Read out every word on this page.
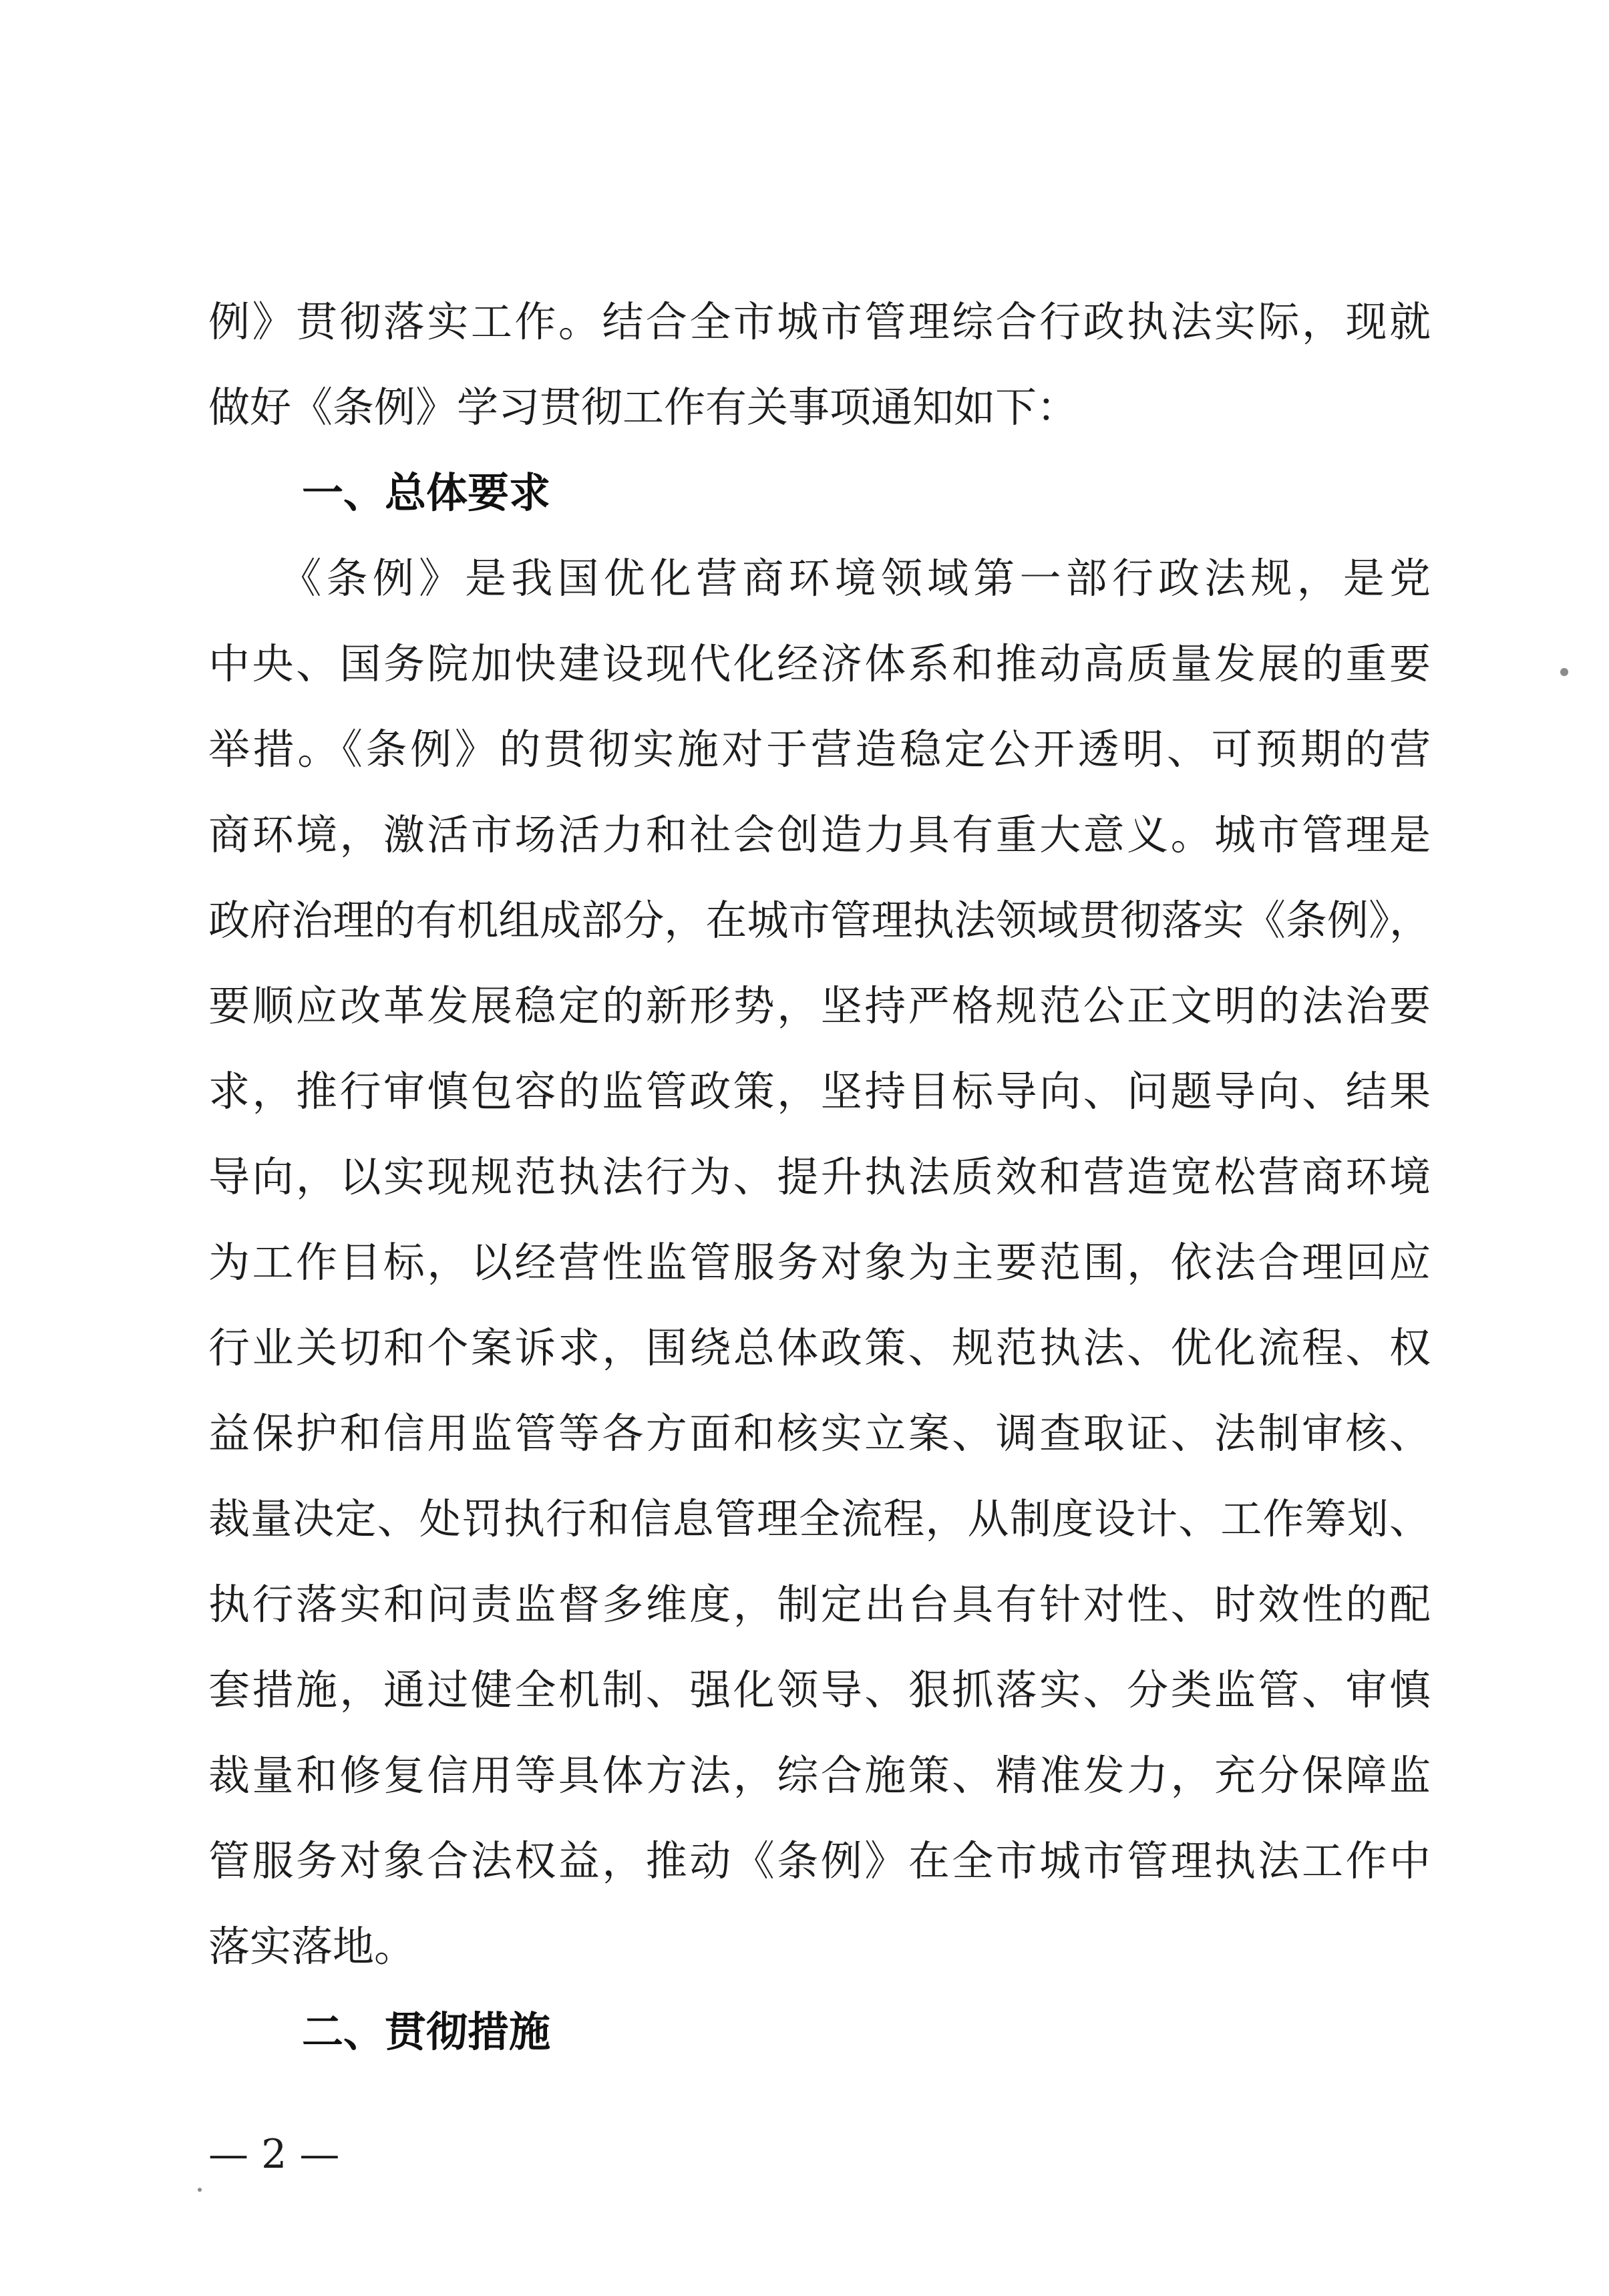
例》贯彻落实工作。结合全市城市管理综合行政执法实际，现就
做好《条例》学习贯彻工作有关事项通知如下：
一、总体要求
　　《条例》是我国优化营商环境领域第一部行政法规，是党
中央、国务院加快建设现代化经济体系和推动高质量发展的重要
举措。《条例》的贯彻实施对于营造稳定公开透明、可预期的营
商环境，激活市场活力和社会创造力具有重大意义。城市管理是
政府治理的有机组成部分，在城市管理执法领域贯彻落实《条例》，
要顺应改革发展稳定的新形势，坚持严格规范公正文明的法治要
求，推行审慎包容的监管政策，坚持目标导向、问题导向、结果
导向，以实现规范执法行为、提升执法质效和营造宽松营商环境
为工作目标，以经营性监管服务对象为主要范围，依法合理回应
行业关切和个案诉求，围绕总体政策、规范执法、优化流程、权
益保护和信用监管等各方面和核实立案、调查取证、法制审核、
裁量决定、处罚执行和信息管理全流程，从制度设计、工作筹划、
执行落实和问责监督多维度，制定出台具有针对性、时效性的配
套措施，通过健全机制、强化领导、狠抓落实、分类监管、审慎
裁量和修复信用等具体方法，综合施策、精准发力，充分保障监
管服务对象合法权益，推动《条例》在全市城市管理执法工作中
落实落地。
二、贯彻措施
— 2 —
